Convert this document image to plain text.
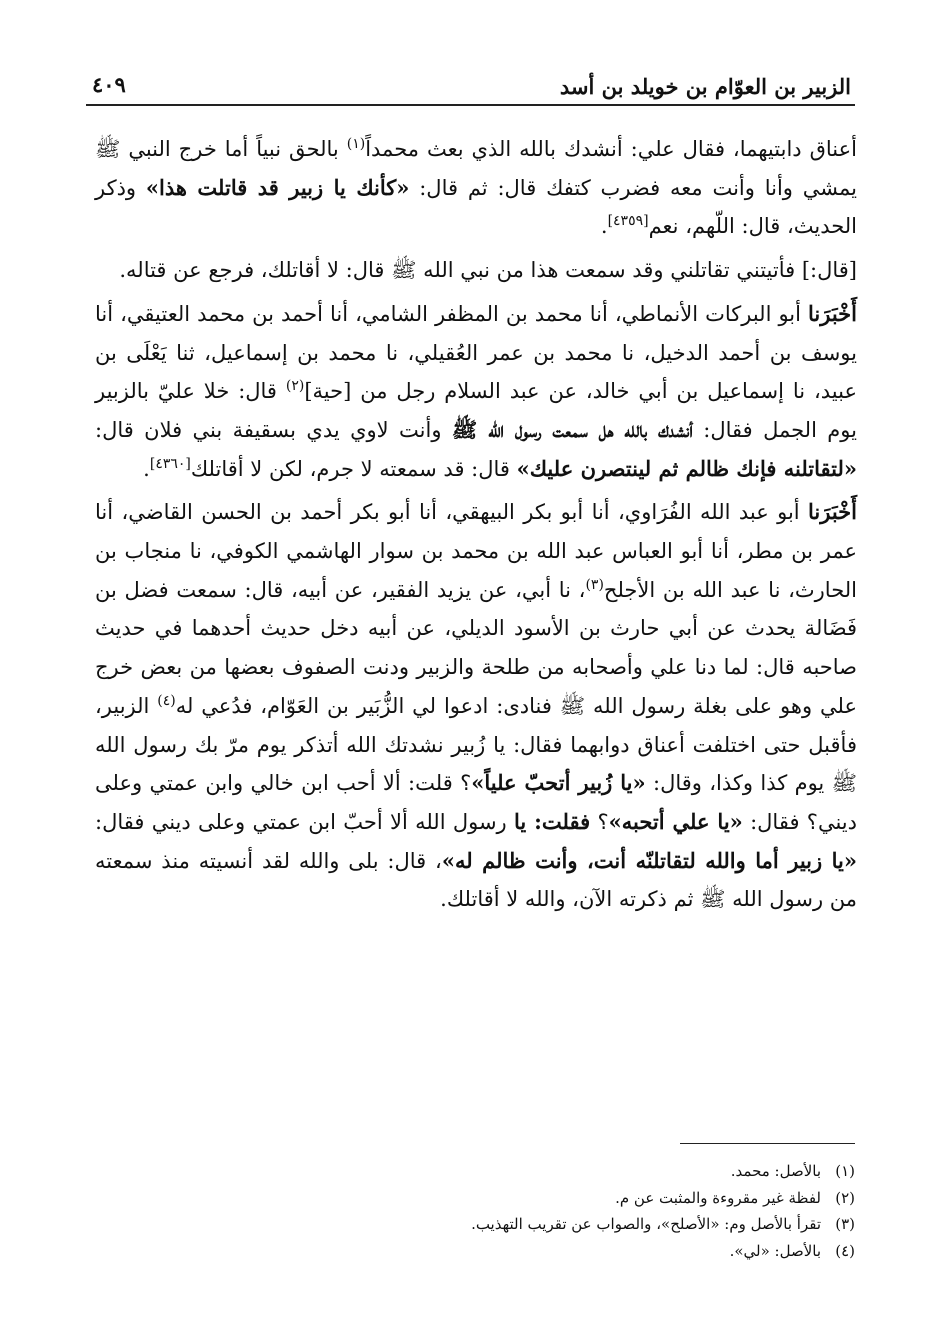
الزبير بن العوّام بن خويلد بن أسد
٤٠٩

أعناق دابتيهما، فقال علي: أنشدك بالله الذي بعث محمداً$^{(١)}$ بالحق نبياً أما خرج النبي ﷺ يمشي وأنا وأنت معه فضرب كتفك قال: ثم قال: «كأنك يا زبير قد قاتلت هذا» وذكر الحديث، قال: اللّهم، نعم[٤٣٥٩].

[قال:] فأتيتني تقاتلني وقد سمعت هذا من نبي الله ﷺ قال: لا أقاتلك، فرجع عن قتاله.

أَخْبَرَنا أبو البركات الأنماطي، أنا محمد بن المظفر الشامي، أنا أحمد بن محمد العتيقي، أنا يوسف بن أحمد الدخيل، نا محمد بن عمر العُقيلي، نا محمد بن إسماعيل، ثنا يَعْلَى بن عبيد، نا إسماعيل بن أبي خالد، عن عبد السلام رجل من [حية]$^{(٢)}$ قال: خلا عليّ بالزبير يوم الجمل فقال: أنشدك بالله هل سمعت رسول الله ﷺ وأنت لاوي يدي بسقيفة بني فلان قال: «لتقاتلنه فإنك ظالم ثم لينتصرن عليك» قال: قد سمعته لا جرم، لكن لا أقاتلك[٤٣٦٠].

أَخْبَرَنا أبو عبد الله الفُرَاوي، أنا أبو بكر البيهقي، أنا أبو بكر أحمد بن الحسن القاضي، أنا عمر بن مطر، أنا أبو العباس عبد الله بن محمد بن سوار الهاشمي الكوفي، نا منجاب بن الحارث، نا عبد الله بن الأجلح$^{(٣)}$، نا أبي، عن يزيد الفقير، عن أبيه، قال: سمعت فضل بن فَضَالة يحدث عن أبي حارث بن الأسود الديلي، عن أبيه دخل حديث أحدهما في حديث صاحبه قال: لما دنا علي وأصحابه من طلحة والزبير ودنت الصفوف بعضها من بعض خرج علي وهو على بغلة رسول الله ﷺ فنادى: ادعوا لي الزُّبَير بن العَوّام، فدُعي له$^{(٤)}$ الزبير، فأقبل حتى اختلفت أعناق دوابهما فقال: يا زُبير نشدتك الله أتذكر يوم مرّ بك رسول الله ﷺ يوم كذا وكذا، وقال: «يا زُبير أتحبّ علياً»؟ قلت: ألا أحب ابن خالي وابن عمتي وعلى ديني؟ فقال: «يا علي أتحبه»؟ فقلت: يا رسول الله ألا أحبّ ابن عمتي وعلى ديني فقال: «يا زبير أما والله لتقاتلنّه أنت، وأنت ظالم له»، قال: بلى والله لقد أنسيته منذ سمعته من رسول الله ﷺ ثم ذكرته الآن، والله لا أقاتلك.

(١)بالأصل: محمد.
(٢)لفظة غير مقروءة والمثبت عن م.
(٣)تقرأ بالأصل وم: «الأصلح»، والصواب عن تقريب التهذيب.
(٤)بالأصل: «لي».
